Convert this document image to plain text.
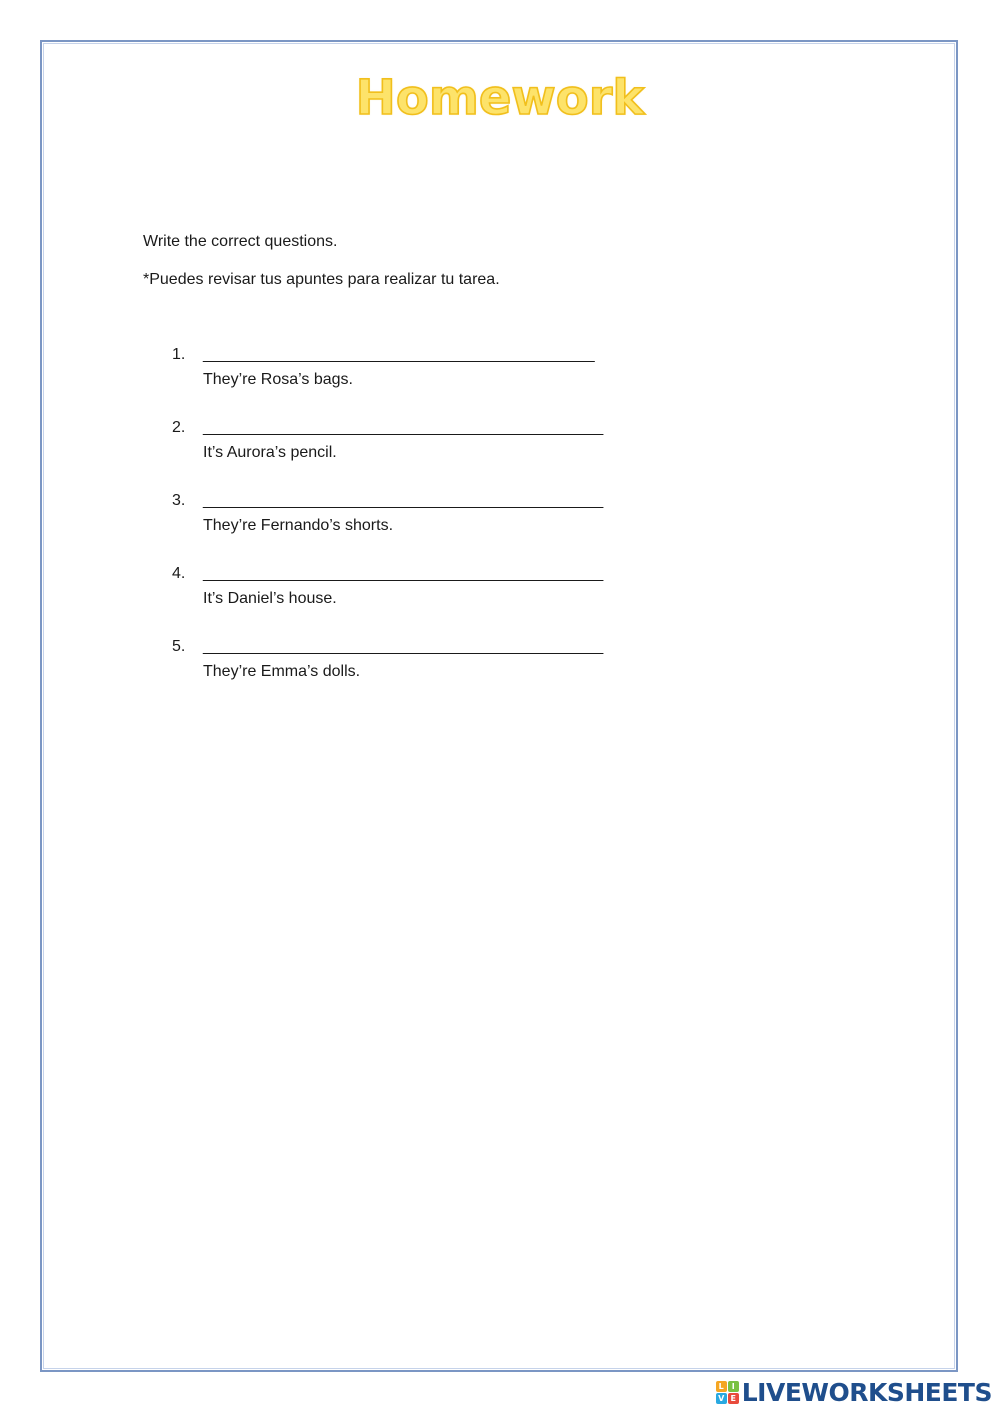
Homework

Write the correct questions.

*Puedes revisar tus apuntes para realizar tu tarea.

1. _____________________________________________
They’re Rosa’s bags.
2. ______________________________________________
It’s Aurora’s pencil.
3. ______________________________________________
They’re Fernando’s shorts.
4. ______________________________________________
It’s Daniel’s house.
5. ______________________________________________
They’re Emma’s dolls.
L I
V E LIVEWORKSHEETS
